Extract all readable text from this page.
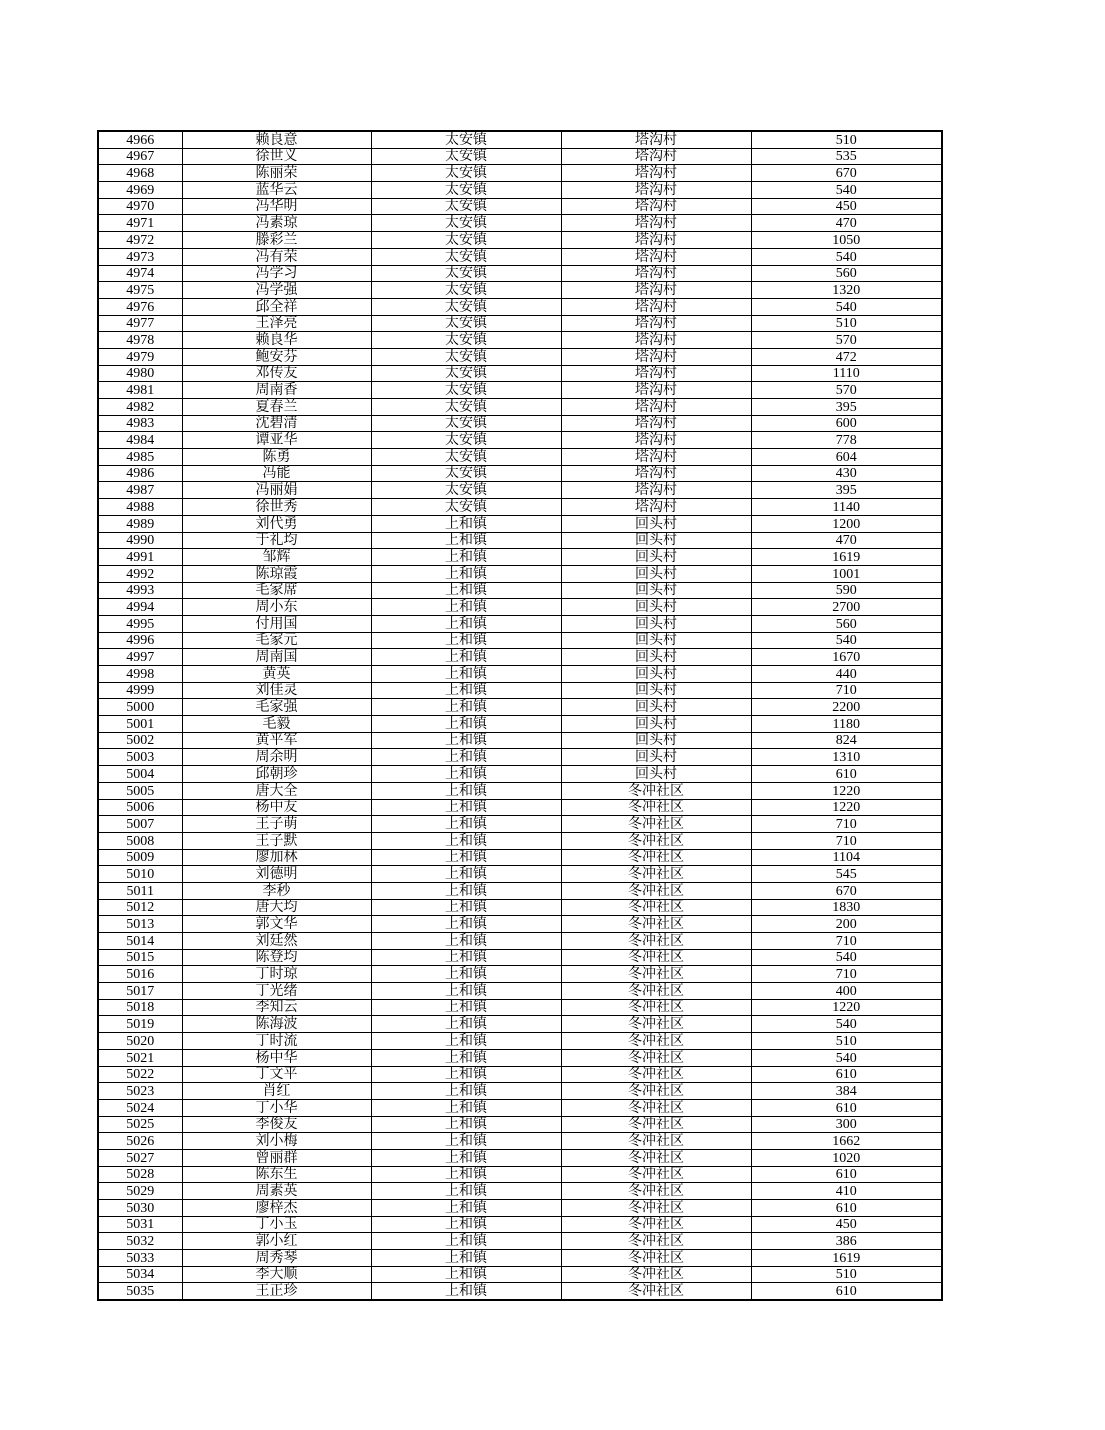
4966	赖良意	太安镇	塔沟村	510
4967	徐世义	太安镇	塔沟村	535
4968	陈丽荣	太安镇	塔沟村	670
4969	蓝华云	太安镇	塔沟村	540
4970	冯华明	太安镇	塔沟村	450
4971	冯素琼	太安镇	塔沟村	470
4972	滕彩兰	太安镇	塔沟村	1050
4973	冯有荣	太安镇	塔沟村	540
4974	冯学习	太安镇	塔沟村	560
4975	冯学强	太安镇	塔沟村	1320
4976	邱全祥	太安镇	塔沟村	540
4977	王泽亮	太安镇	塔沟村	510
4978	赖良华	太安镇	塔沟村	570
4979	鲍安芬	太安镇	塔沟村	472
4980	邓传友	太安镇	塔沟村	1110
4981	周南香	太安镇	塔沟村	570
4982	夏春兰	太安镇	塔沟村	395
4983	沈碧清	太安镇	塔沟村	600
4984	谭亚华	太安镇	塔沟村	778
4985	陈勇	太安镇	塔沟村	604
4986	冯能	太安镇	塔沟村	430
4987	冯丽娟	太安镇	塔沟村	395
4988	徐世秀	太安镇	塔沟村	1140
4989	刘代勇	上和镇	回头村	1200
4990	于礼均	上和镇	回头村	470
4991	邹辉	上和镇	回头村	1619
4992	陈琼霞	上和镇	回头村	1001
4993	毛家席	上和镇	回头村	590
4994	周小东	上和镇	回头村	2700
4995	付用国	上和镇	回头村	560
4996	毛家元	上和镇	回头村	540
4997	周南国	上和镇	回头村	1670
4998	黄英	上和镇	回头村	440
4999	刘佳灵	上和镇	回头村	710
5000	毛家强	上和镇	回头村	2200
5001	毛毅	上和镇	回头村	1180
5002	黄平军	上和镇	回头村	824
5003	周余明	上和镇	回头村	1310
5004	邱朝珍	上和镇	回头村	610
5005	唐大全	上和镇	冬冲社区	1220
5006	杨中友	上和镇	冬冲社区	1220
5007	王子萌	上和镇	冬冲社区	710
5008	王子默	上和镇	冬冲社区	710
5009	廖加林	上和镇	冬冲社区	1104
5010	刘德明	上和镇	冬冲社区	545
5011	李秒	上和镇	冬冲社区	670
5012	唐大均	上和镇	冬冲社区	1830
5013	郭文华	上和镇	冬冲社区	200
5014	刘廷然	上和镇	冬冲社区	710
5015	陈登均	上和镇	冬冲社区	540
5016	丁时琼	上和镇	冬冲社区	710
5017	丁光绪	上和镇	冬冲社区	400
5018	李知云	上和镇	冬冲社区	1220
5019	陈海波	上和镇	冬冲社区	540
5020	丁时流	上和镇	冬冲社区	510
5021	杨中华	上和镇	冬冲社区	540
5022	丁文平	上和镇	冬冲社区	610
5023	肖红	上和镇	冬冲社区	384
5024	丁小华	上和镇	冬冲社区	610
5025	李俊友	上和镇	冬冲社区	300
5026	刘小梅	上和镇	冬冲社区	1662
5027	曾丽群	上和镇	冬冲社区	1020
5028	陈东生	上和镇	冬冲社区	610
5029	周素英	上和镇	冬冲社区	410
5030	廖梓杰	上和镇	冬冲社区	610
5031	丁小玉	上和镇	冬冲社区	450
5032	郭小红	上和镇	冬冲社区	386
5033	周秀琴	上和镇	冬冲社区	1619
5034	李大顺	上和镇	冬冲社区	510
5035	王正珍	上和镇	冬冲社区	610
